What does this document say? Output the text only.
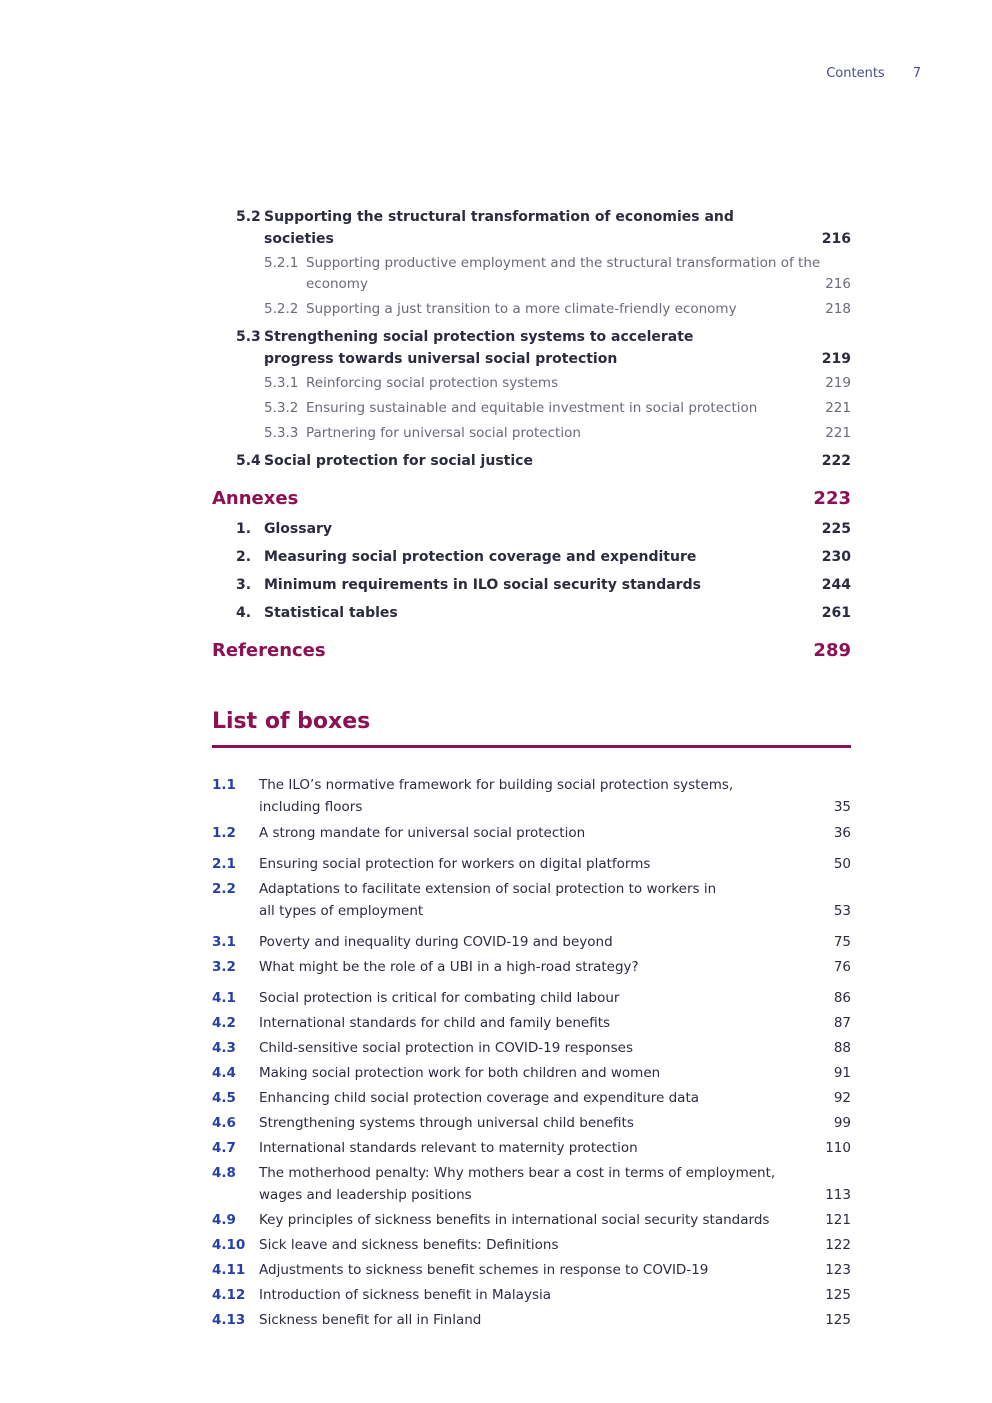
Contents 7
5.2 Supporting the structural transformation of economies and societies	216
5.2.1 Supporting productive employment and the structural transformation of the economy	216
5.2.2 Supporting a just transition to a more climate-friendly economy	218
5.3 Strengthening social protection systems to accelerate progress towards universal social protection	219
5.3.1 Reinforcing social protection systems	219
5.3.2 Ensuring sustainable and equitable investment in social protection	221
5.3.3 Partnering for universal social protection	221
5.4 Social protection for social justice	222
Annexes	223
1. Glossary	225
2. Measuring social protection coverage and expenditure	230
3. Minimum requirements in ILO social security standards	244
4. Statistical tables	261
References	289
List of boxes
1.1	The ILO’s normative framework for building social protection systems, including floors	35
1.2	A strong mandate for universal social protection	36
2.1	Ensuring social protection for workers on digital platforms	50
2.2	Adaptations to facilitate extension of social protection to workers in all types of employment	53
3.1	Poverty and inequality during COVID-19 and beyond	75
3.2	What might be the role of a UBI in a high-road strategy?	76
4.1	Social protection is critical for combating child labour	86
4.2	International standards for child and family benefits	87
4.3	Child-sensitive social protection in COVID-19 responses	88
4.4	Making social protection work for both children and women	91
4.5	Enhancing child social protection coverage and expenditure data	92
4.6	Strengthening systems through universal child benefits	99
4.7	International standards relevant to maternity protection	110
4.8	The motherhood penalty: Why mothers bear a cost in terms of employment, wages and leadership positions	113
4.9	Key principles of sickness benefits in international social security standards	121
4.10	Sick leave and sickness benefits: Definitions	122
4.11	Adjustments to sickness benefit schemes in response to COVID-19	123
4.12	Introduction of sickness benefit in Malaysia	125
4.13	Sickness benefit for all in Finland	125
